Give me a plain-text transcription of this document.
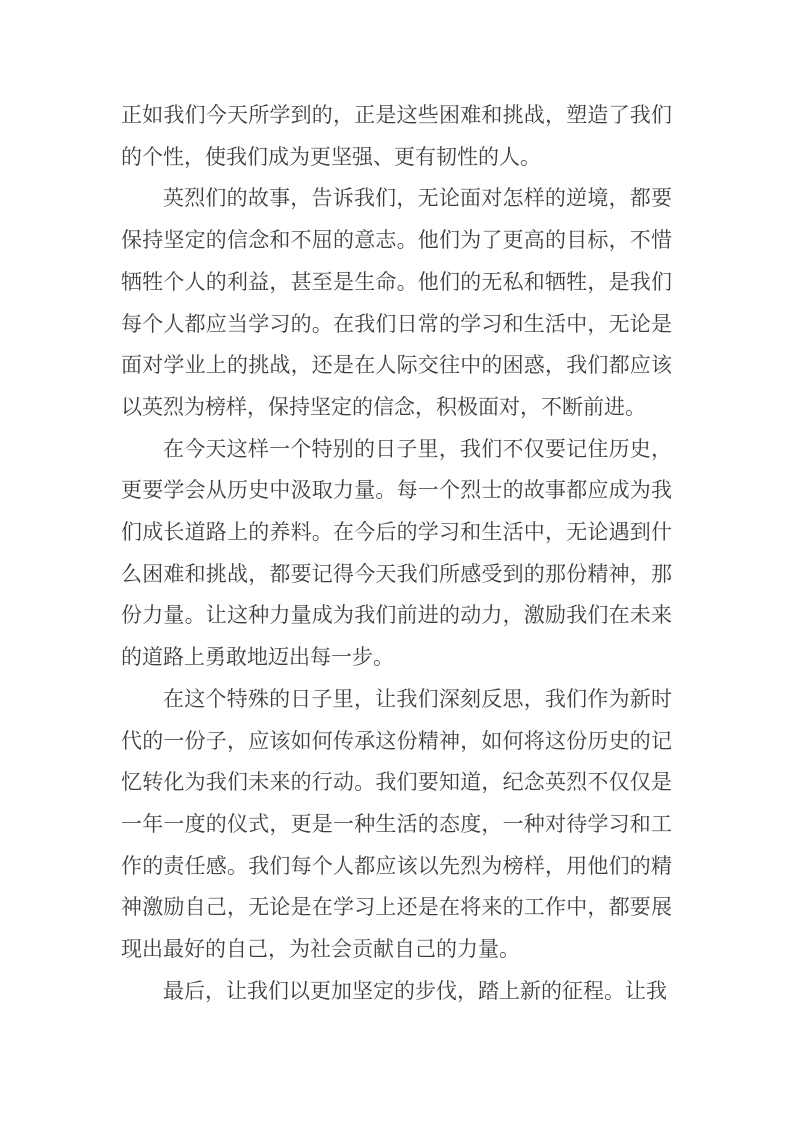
正如我们今天所学到的，正是这些困难和挑战，塑造了我们的个性，使我们成为更坚强、更有韧性的人。

英烈们的故事，告诉我们，无论面对怎样的逆境，都要保持坚定的信念和不屈的意志。他们为了更高的目标，不惜牺牲个人的利益，甚至是生命。他们的无私和牺牲，是我们每个人都应当学习的。在我们日常的学习和生活中，无论是面对学业上的挑战，还是在人际交往中的困惑，我们都应该以英烈为榜样，保持坚定的信念，积极面对，不断前进。

在今天这样一个特别的日子里，我们不仅要记住历史，更要学会从历史中汲取力量。每一个烈士的故事都应成为我们成长道路上的养料。在今后的学习和生活中，无论遇到什么困难和挑战，都要记得今天我们所感受到的那份精神，那份力量。让这种力量成为我们前进的动力，激励我们在未来的道路上勇敢地迈出每一步。

在这个特殊的日子里，让我们深刻反思，我们作为新时代的一份子，应该如何传承这份精神，如何将这份历史的记忆转化为我们未来的行动。我们要知道，纪念英烈不仅仅是一年一度的仪式，更是一种生活的态度，一种对待学习和工作的责任感。我们每个人都应该以先烈为榜样，用他们的精神激励自己，无论是在学习上还是在将来的工作中，都要展现出最好的自己，为社会贡献自己的力量。

最后，让我们以更加坚定的步伐，踏上新的征程。让我
